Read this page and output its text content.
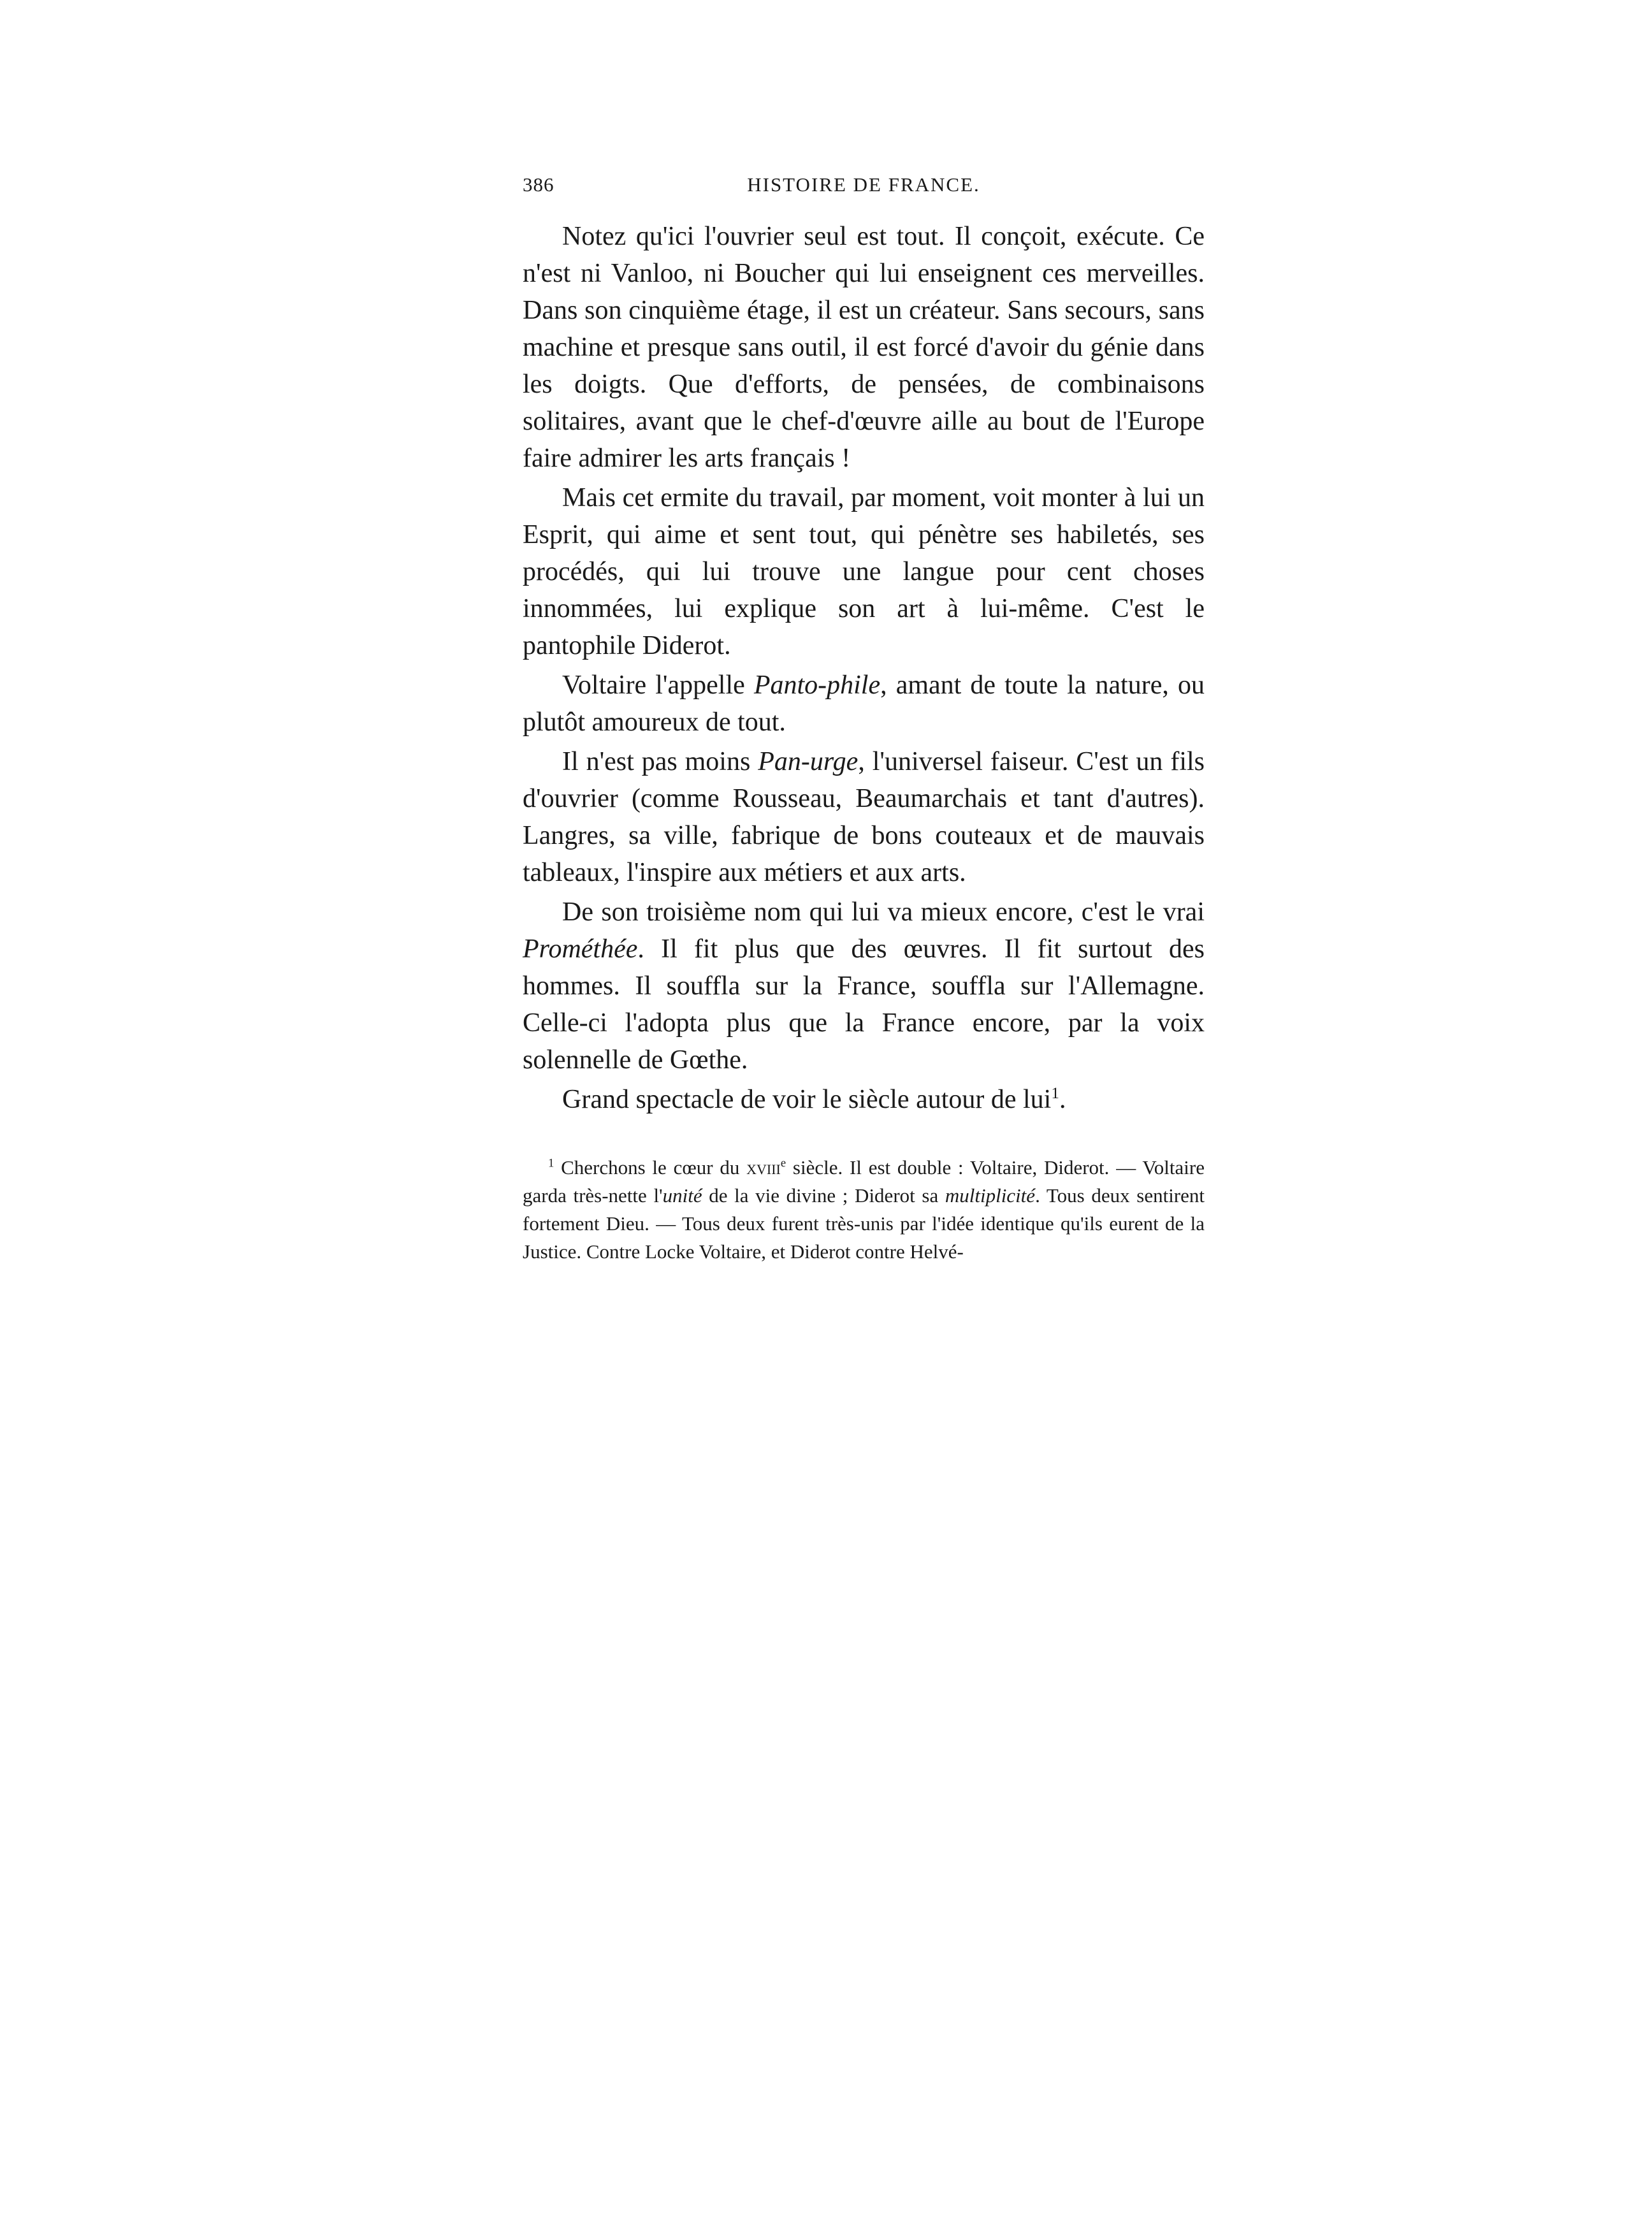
386	HISTOIRE DE FRANCE.

Notez qu'ici l'ouvrier seul est tout. Il conçoit, exécute. Ce n'est ni Vanloo, ni Boucher qui lui enseignent ces merveilles. Dans son cinquième étage, il est un créateur. Sans secours, sans machine et presque sans outil, il est forcé d'avoir du génie dans les doigts. Que d'efforts, de pensées, de combinaisons solitaires, avant que le chef-d'œuvre aille au bout de l'Europe faire admirer les arts français !

Mais cet ermite du travail, par moment, voit monter à lui un Esprit, qui aime et sent tout, qui pénètre ses habiletés, ses procédés, qui lui trouve une langue pour cent choses innommées, lui explique son art à lui-même. C'est le pantophile Diderot.

Voltaire l'appelle Panto-phile, amant de toute la nature, ou plutôt amoureux de tout.

Il n'est pas moins Pan-urge, l'universel faiseur. C'est un fils d'ouvrier (comme Rousseau, Beaumarchais et tant d'autres). Langres, sa ville, fabrique de bons couteaux et de mauvais tableaux, l'inspire aux métiers et aux arts.

De son troisième nom qui lui va mieux encore, c'est le vrai Prométhée. Il fit plus que des œuvres. Il fit surtout des hommes. Il souffla sur la France, souffla sur l'Allemagne. Celle-ci l'adopta plus que la France encore, par la voix solennelle de Gœthe.

Grand spectacle de voir le siècle autour de lui$^1$.

$^1$ Cherchons le cœur du xviii$^e$ siècle. Il est double : Voltaire, Diderot. — Voltaire garda très-nette l'unité de la vie divine ; Diderot sa multiplicité. Tous deux sentirent fortement Dieu. — Tous deux furent très-unis par l'idée identique qu'ils eurent de la Justice. Contre Locke Voltaire, et Diderot contre Helvé-
